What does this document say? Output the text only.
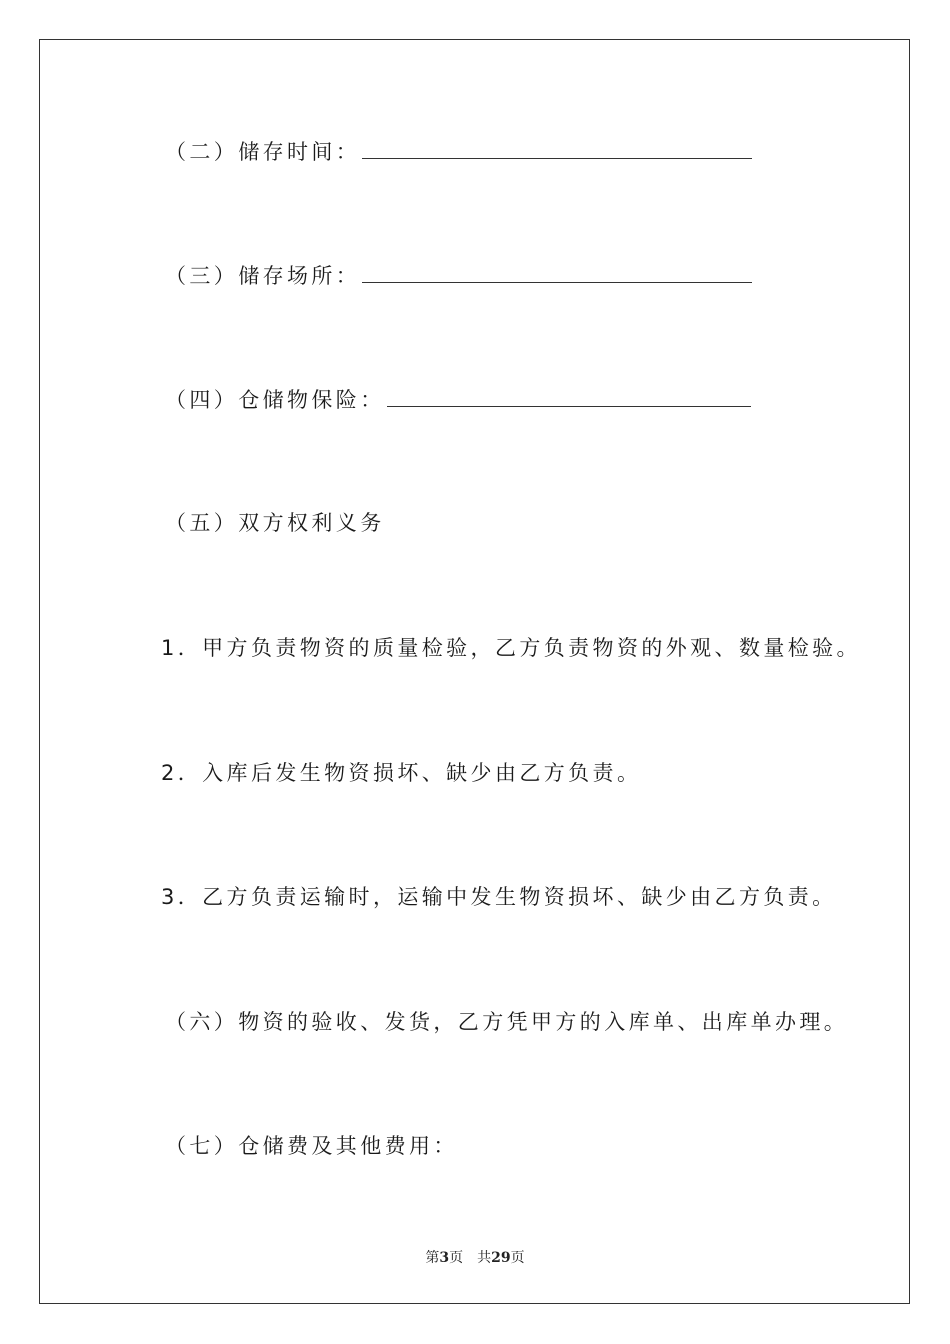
（二）储存时间：
（三）储存场所：
（四）仓储物保险：
（五）双方权利义务
1．甲方负责物资的质量检验，乙方负责物资的外观、数量检验。
2．入库后发生物资损坏、缺少由乙方负责。
3．乙方负责运输时，运输中发生物资损坏、缺少由乙方负责。
（六）物资的验收、发货，乙方凭甲方的入库单、出库单办理。
（七）仓储费及其他费用：
第3页 共29页
